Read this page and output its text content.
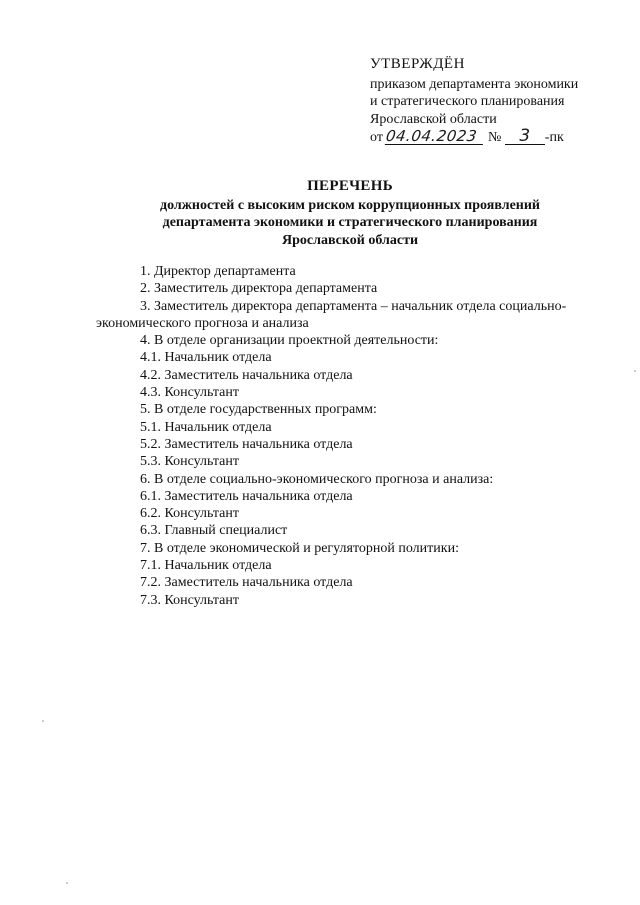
УТВЕРЖДЁН
приказом департамента экономики
и стратегического планирования
Ярославской области
от 04.04.2023 № 3 -пк
ПЕРЕЧЕНЬ
должностей с высоким риском коррупционных проявлений
департамента экономики и стратегического планирования
Ярославской области
1. Директор департамента
2. Заместитель директора департамента
3. Заместитель директора департамента – начальник отдела социально-
экономического прогноза и анализа
4. В отделе организации проектной деятельности:
4.1. Начальник отдела
4.2. Заместитель начальника отдела
4.3. Консультант
5. В отделе государственных программ:
5.1. Начальник отдела
5.2. Заместитель начальника отдела
5.3. Консультант
6. В отделе социально-экономического прогноза и анализа:
6.1. Заместитель начальника отдела
6.2. Консультант
6.3. Главный специалист
7. В отделе экономической и регуляторной политики:
7.1. Начальник отдела
7.2. Заместитель начальника отдела
7.3. Консультант
